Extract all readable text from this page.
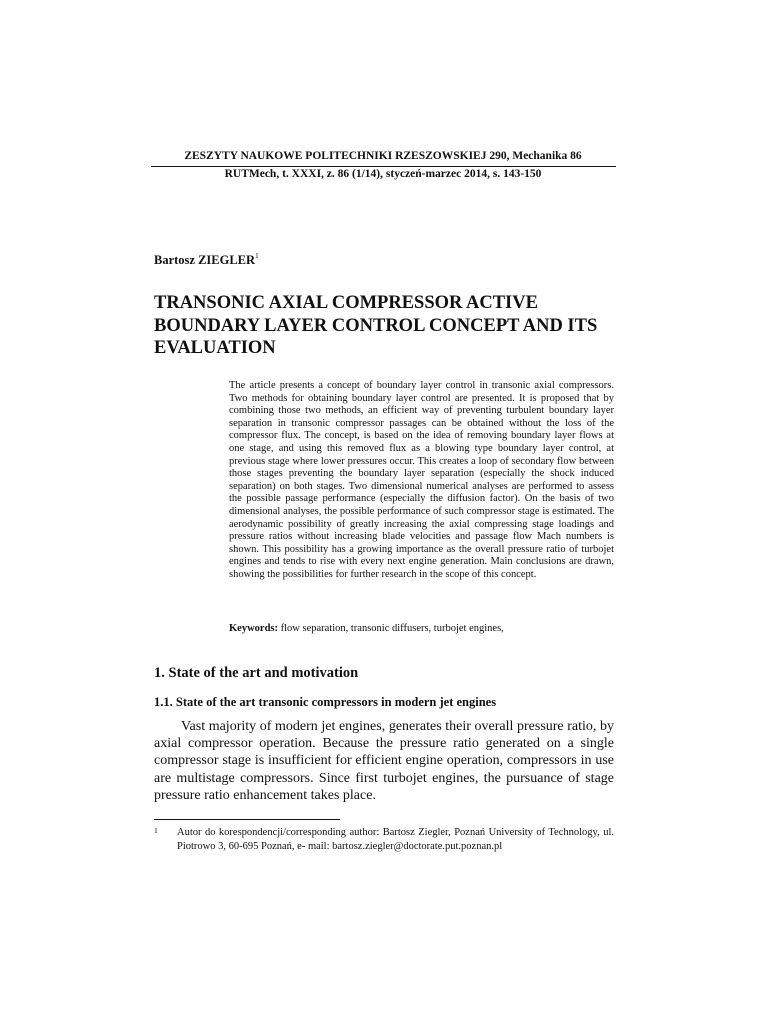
ZESZYTY NAUKOWE POLITECHNIKI RZESZOWSKIEJ 290, Mechanika 86
RUTMech, t. XXXI, z. 86 (1/14), styczeń-marzec 2014, s. 143-150
Bartosz ZIEGLER$^1$
TRANSONIC AXIAL COMPRESSOR ACTIVE BOUNDARY LAYER CONTROL CONCEPT AND ITS EVALUATION
The article presents a concept of boundary layer control in transonic axial compressors. Two methods for obtaining boundary layer control are presented. It is proposed that by combining those two methods, an efficient way of preventing turbulent boundary layer separation in transonic compressor passages can be obtained without the loss of the compressor flux. The concept, is based on the idea of removing boundary layer flows at one stage, and using this removed flux as a blowing type boundary layer control, at previous stage where lower pressures occur. This creates a loop of secondary flow between those stages preventing the boundary layer separation (especially the shock induced separation) on both stages. Two dimensional numerical analyses are performed to assess the possible passage performance (especially the diffusion factor). On the basis of two dimensional analyses, the possible performance of such compressor stage is estimated. The aerodynamic possibility of greatly increasing the axial compressing stage loadings and pressure ratios without increasing blade velocities and passage flow Mach numbers is shown. This possibility has a growing importance as the overall pressure ratio of turbojet engines and tends to rise with every next engine generation. Main conclusions are drawn, showing the possibilities for further research in the scope of this concept.
Keywords: flow separation, transonic diffusers, turbojet engines,
1. State of the art and motivation
1.1. State of the art transonic compressors in modern jet engines

Vast majority of modern jet engines, generates their overall pressure ratio, by axial compressor operation. Because the pressure ratio generated on a single compressor stage is insufficient for efficient engine operation, compressors in use are multistage compressors. Since first turbojet engines, the pursuance of stage pressure ratio enhancement takes place.

1 Autor do korespondencji/corresponding author: Bartosz Ziegler, Poznań University of Technology, ul. Piotrowo 3, 60-695 Poznań, e- mail: bartosz.ziegler@doctorate.put.poznan.pl
